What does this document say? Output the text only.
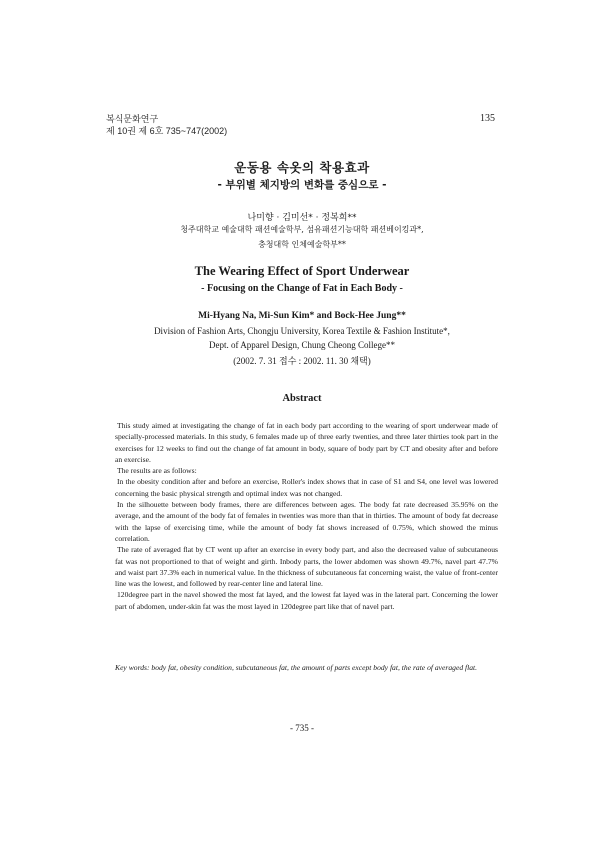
복식문화연구
제 10권 제 6호 735~747(2002)
135
운동용 속옷의 착용효과
- 부위별 체지방의 변화를 중심으로 -
나미향 · 김미선* · 정복희**
청주대학교 예술대학 패션예술학부, 섬유패션기능대학 패션베이킹과*,
충청대학 인체예술학부**
The Wearing Effect of Sport Underwear
- Focusing on the Change of Fat in Each Body -
Mi-Hyang Na, Mi-Sun Kim* and Bock-Hee Jung**
Division of Fashion Arts, Chongju University, Korea Textile & Fashion Institute*,
Dept. of Apparel Design, Chung Cheong College**
(2002. 7. 31 접수 : 2002. 11. 30 채택)
Abstract

This study aimed at investigating the change of fat in each body part according to the wearing of sport underwear made of specially-processed materials. In this study, 6 females made up of three early twenties, and three later thirties took part in the exercises for 12 weeks to find out the change of fat amount in body, square of body part by CT and obesity after and before an exercise.

The results are as follows:

In the obesity condition after and before an exercise, Roller's index shows that in case of S1 and S4, one level was lowered concerning the basic physical strength and optimal index was not changed.

In the silhouette between body frames, there are differences between ages. The body fat rate decreased 35.95% on the average, and the amount of the body fat of females in twenties was more than that in thirties. The amount of body fat decrease with the lapse of exercising time, while the amount of body fat shows increased of 0.75%, which showed the minus correlation.

The rate of averaged flat by CT went up after an exercise in every body part, and also the decreased value of subcutaneous fat was not proportioned to that of weight and girth. Inbody parts, the lower abdomen was shown 49.7%, navel part 47.7% and waist part 37.3% each in numerical value. In the thickness of subcutaneous fat concerning waist, the value of front-center line was the lowest, and followed by rear-center line and lateral line.

120degree part in the navel showed the most fat layed, and the lowest fat layed was in the lateral part. Concerning the lower part of abdomen, under-skin fat was the most layed in 120degree part like that of navel part.

Key words: body fat, obesity condition, subcutaneous fat, the amount of parts except body fat, the rate of averaged flat.
- 735 -
